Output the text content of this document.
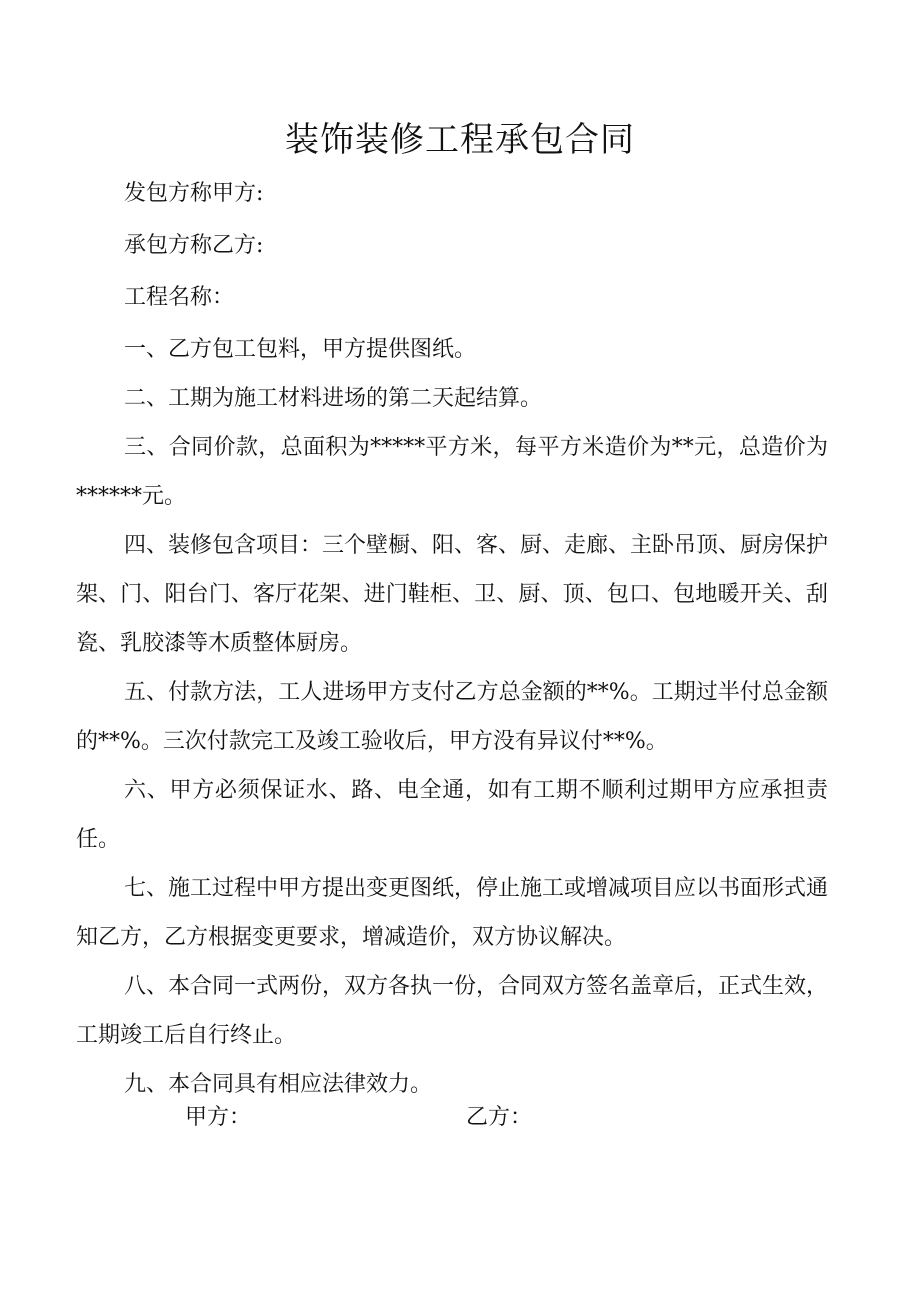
装饰装修工程承包合同

发包方称甲方:

承包方称乙方:

工程名称：

一、乙方包工包料，甲方提供图纸。

二、工期为施工材料进场的第二天起结算。

三、合同价款，总面积为*****平方米，每平方米造价为**元，总造价为******元。

四、装修包含项目：三个壁橱、阳、客、厨、走廊、主卧吊顶、厨房保护架、门、阳台门、客厅花架、进门鞋柜、卫、厨、顶、包口、包地暖开关、刮瓷、乳胶漆等木质整体厨房。

五、付款方法，工人进场甲方支付乙方总金额的**%。工期过半付总金额的**%。三次付款完工及竣工验收后，甲方没有异议付**%。

六、甲方必须保证水、路、电全通，如有工期不顺利过期甲方应承担责任。

七、施工过程中甲方提出变更图纸，停止施工或增减项目应以书面形式通知乙方，乙方根据变更要求，增减造价，双方协议解决。

八、本合同一式两份，双方各执一份，合同双方签名盖章后，正式生效，工期竣工后自行终止。

九、本合同具有相应法律效力。

甲方：	乙方：
